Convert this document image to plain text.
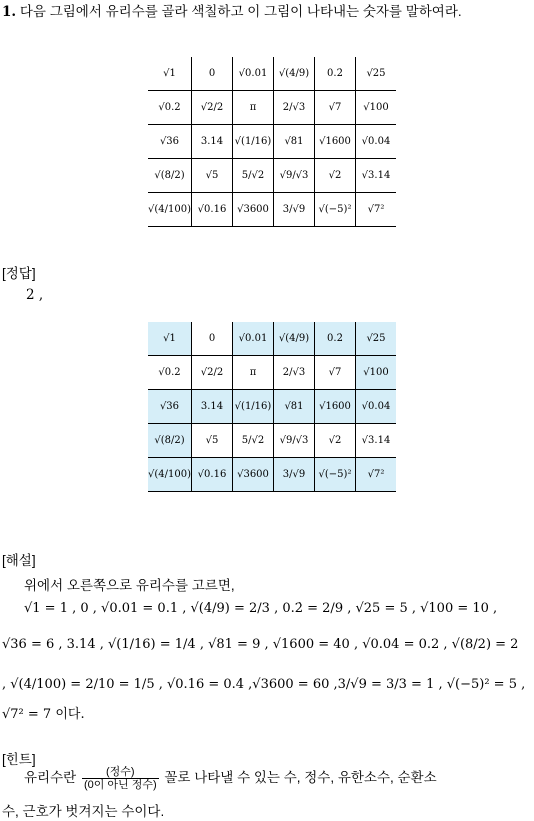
1. 다음 그림에서 유리수를 골라 색칠하고 이 그림이 나타내는 숫자를 말하여라.
√1	0	√0.01	√(4/9)	0.2̇	√25
√0.2	√2/2	π	2/√3	√7	√100
√36	3.14	√(1/16)	√81	√1600	√0.04
√(8/2)	√5	5/√2	√9/√3	√2	√3.14
√(4/100)	√0.16	√3600	3/√9	√(−5)²	√7²
[정답]
2 ,
√1	0	√0.01	√(4/9)	0.2̇	√25
√0.2	√2/2	π	2/√3	√7	√100
√36	3.14	√(1/16)	√81	√1600	√0.04
√(8/2)	√5	5/√2	√9/√3	√2	√3.14
√(4/100)	√0.16	√3600	3/√9	√(−5)²	√7²
[해설]
위에서 오른쪽으로 유리수를 고르면,
√1 = 1 , 0 , √0.01 = 0.1 , √(4/9) = 2/3 , 0.2̇ = 2/9 , √25 = 5 , √100 = 10 ,
√36 = 6 , 3.14 , √(1/16) = 1/4 , √81 = 9 , √1600 = 40 , √0.04 = 0.2 , √(8/2) = 2
, √(4/100) = 2/10 = 1/5 , √0.16 = 0.4 ,√3600 = 60 ,3/√9 = 3/3 = 1 , √(−5)² = 5 ,
√7² = 7 이다.
[힌트]
유리수란 $\frac{\text{(정수)}}{\text{(0이 아닌 정수)}}$ 꼴로 나타낼 수 있는 수, 정수, 유한소수, 순환소
수, 근호가 벗겨지는 수이다.
